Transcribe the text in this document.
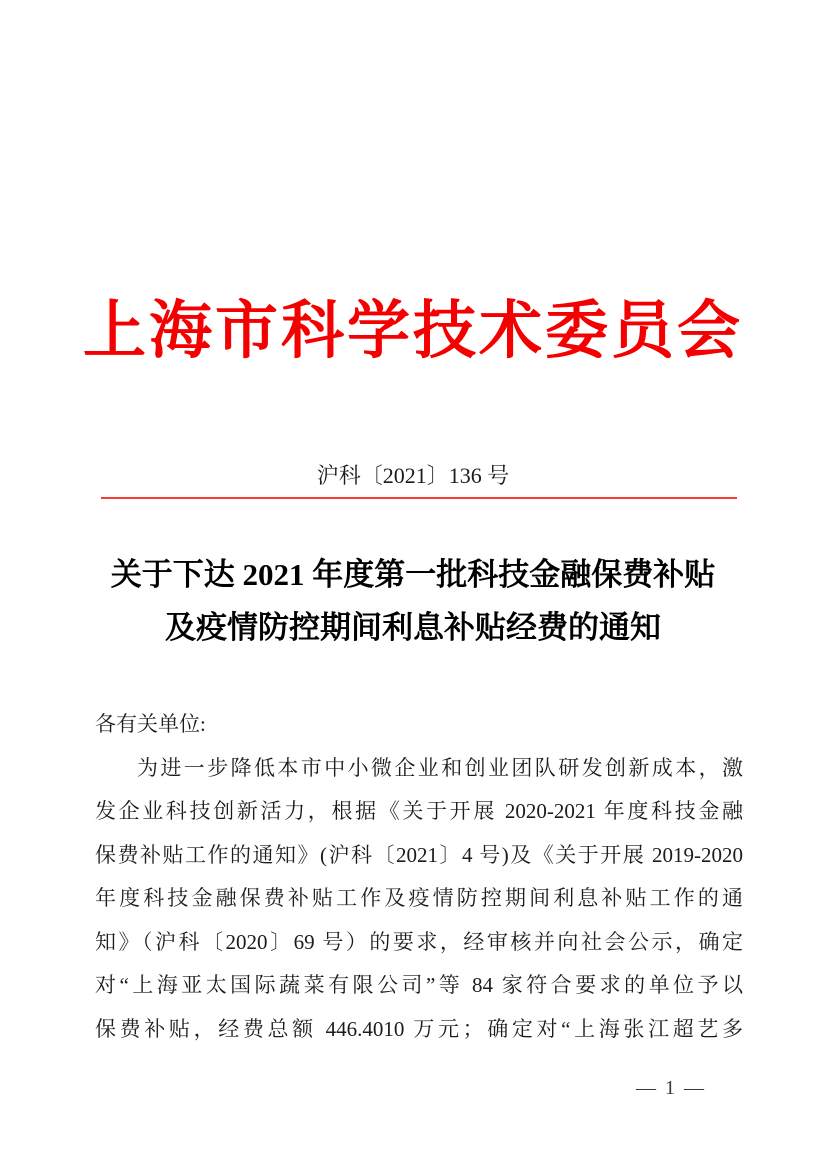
上海市科学技术委员会
沪科〔2021〕136 号
关于下达 2021 年度第一批科技金融保费补贴
及疫情防控期间利息补贴经费的通知
各有关单位:
为进一步降低本市中小微企业和创业团队研发创新成本，激
发企业科技创新活力，根据《关于开展 2020-2021 年度科技金融
保费补贴工作的通知》(沪科〔2021〕4 号)及《关于开展 2019-2020
年度科技金融保费补贴工作及疫情防控期间利息补贴工作的通
知》（沪科〔2020〕69 号）的要求，经审核并向社会公示，确定
对“上海亚太国际蔬菜有限公司”等 84 家符合要求的单位予以
保费补贴，经费总额 446.4010 万元；确定对“上海张江超艺多
— 1 —
